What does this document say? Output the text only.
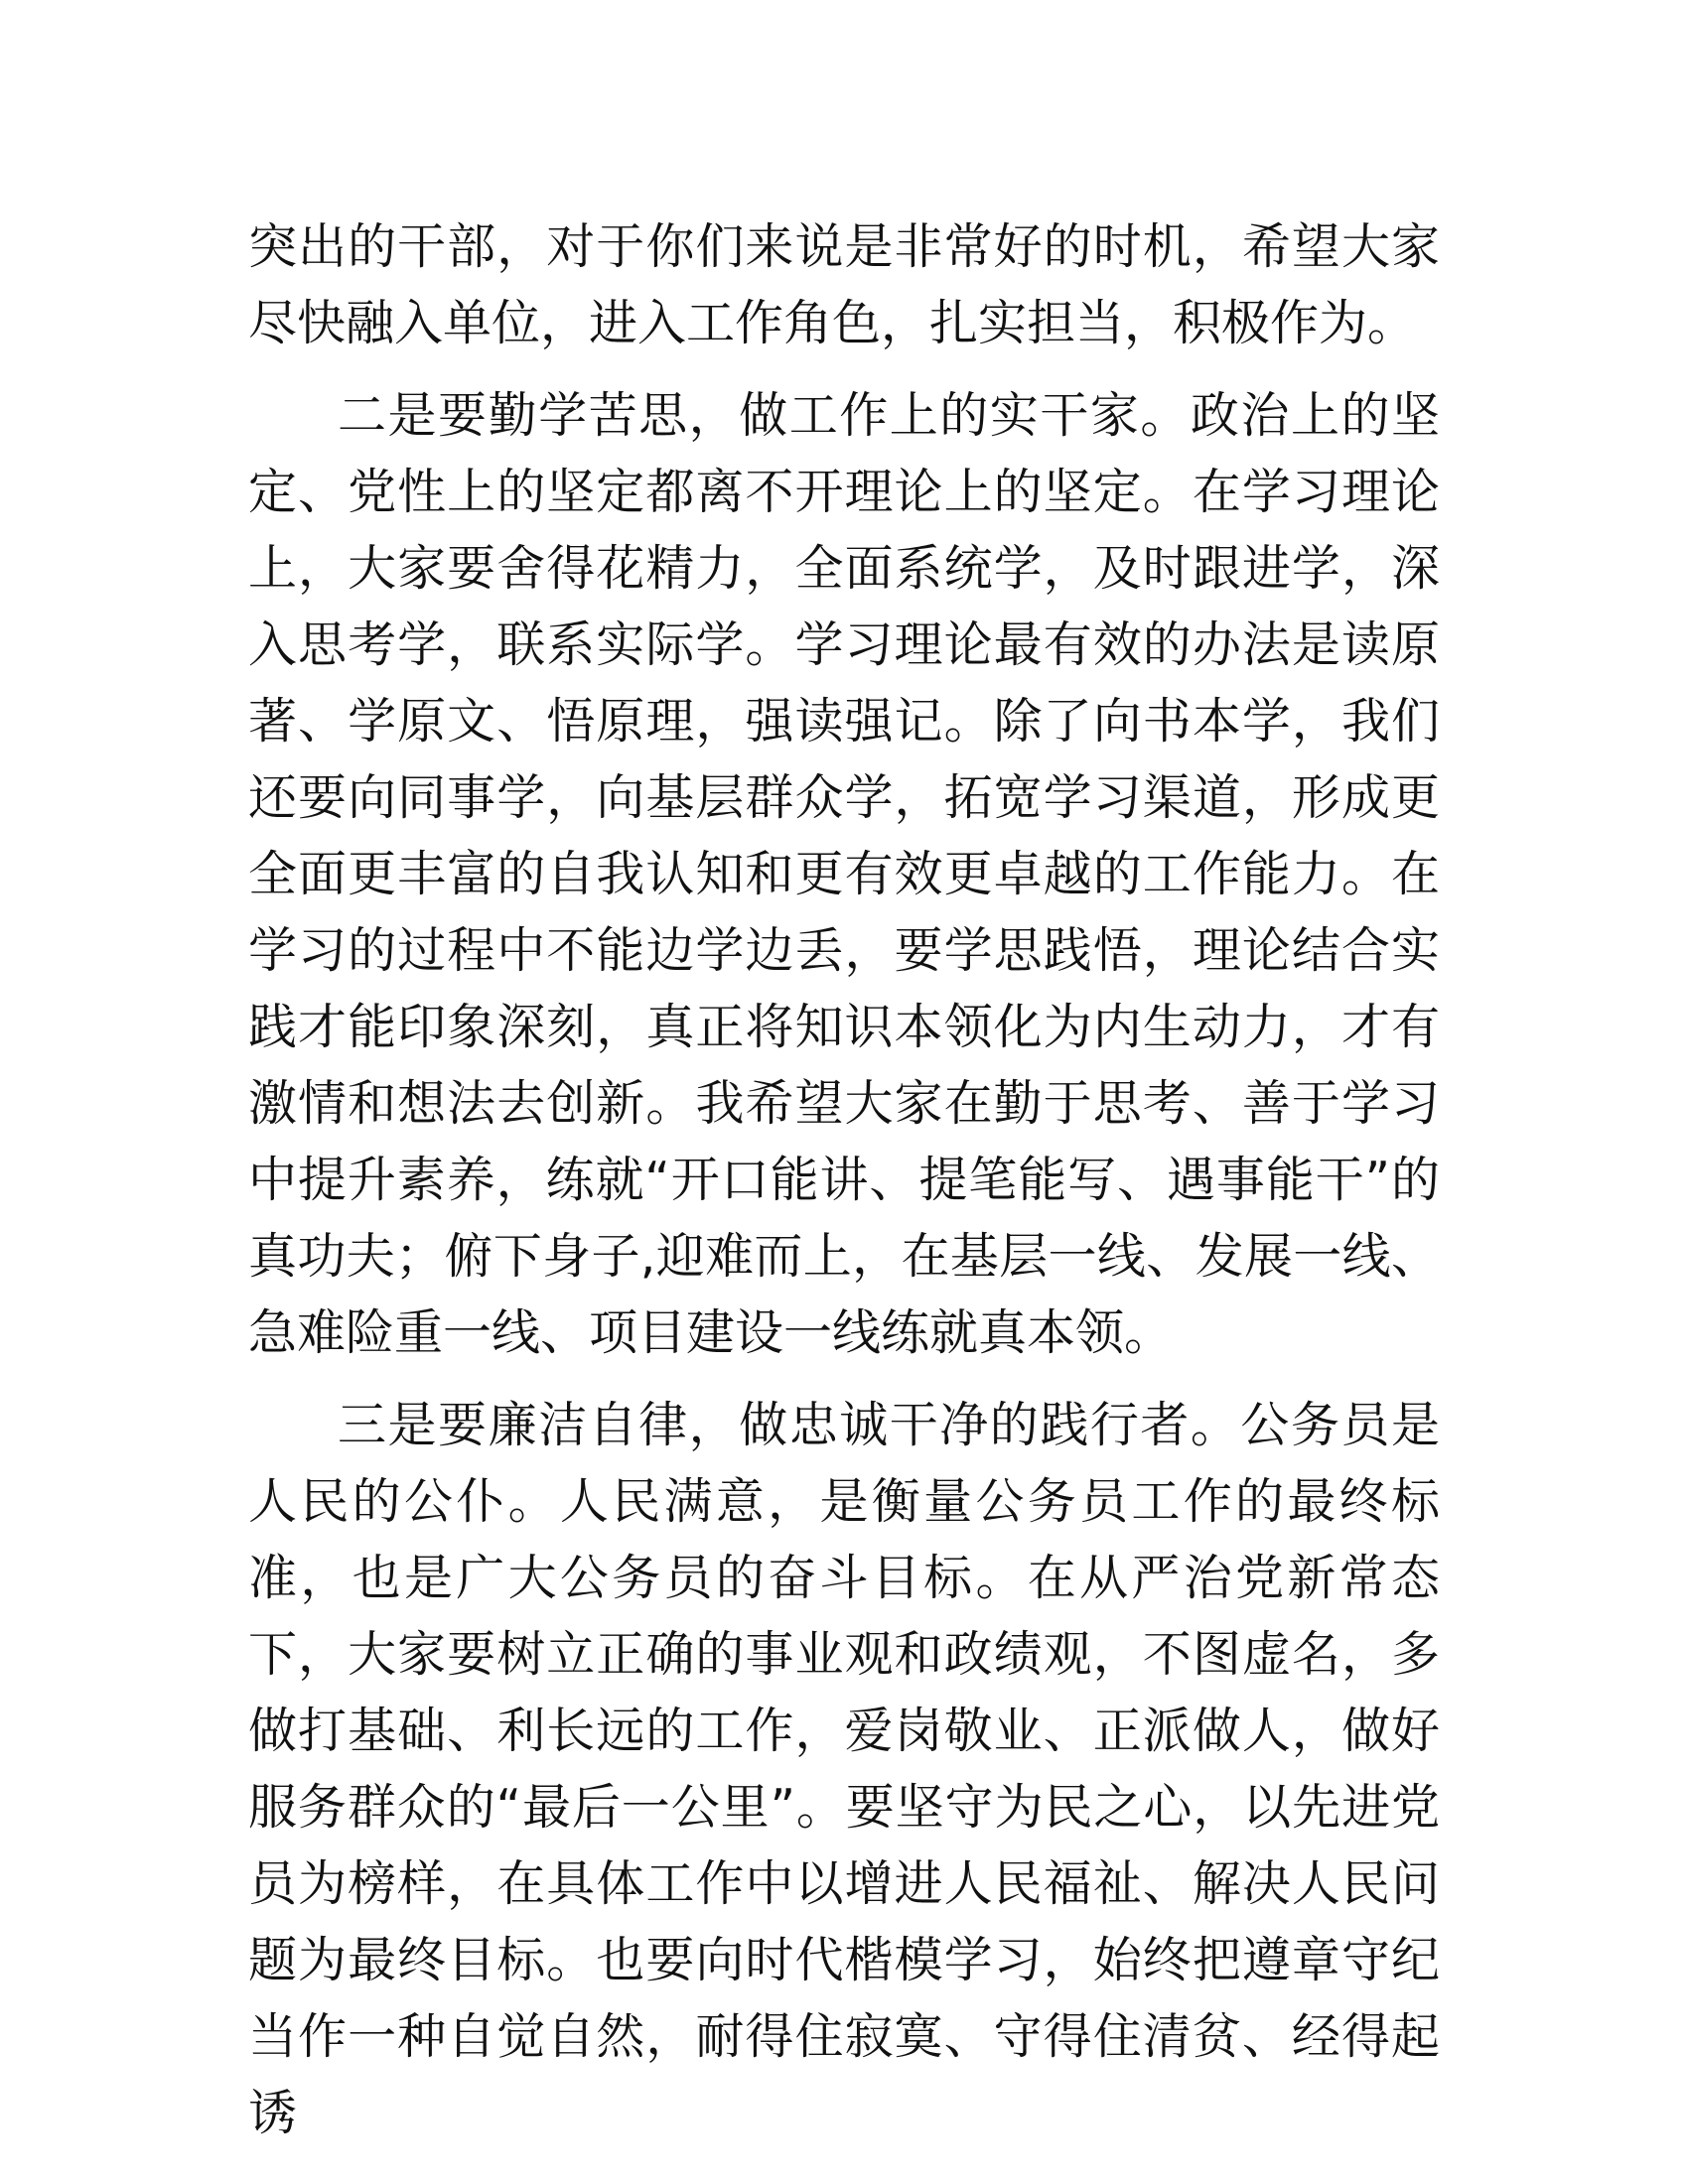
突出的干部，对于你们来说是非常好的时机，希望大家尽快融入单位，进入工作角色，扎实担当，积极作为。

二是要勤学苦思，做工作上的实干家。政治上的坚定、党性上的坚定都离不开理论上的坚定。在学习理论上，大家要舍得花精力，全面系统学，及时跟进学，深入思考学，联系实际学。学习理论最有效的办法是读原著、学原文、悟原理，强读强记。除了向书本学，我们还要向同事学，向基层群众学，拓宽学习渠道，形成更全面更丰富的自我认知和更有效更卓越的工作能力。在学习的过程中不能边学边丢，要学思践悟，理论结合实践才能印象深刻，真正将知识本领化为内生动力，才有激情和想法去创新。我希望大家在勤于思考、善于学习中提升素养，练就“开口能讲、提笔能写、遇事能干”的真功夫；俯下身子,迎难而上，在基层一线、发展一线、急难险重一线、项目建设一线练就真本领。

三是要廉洁自律，做忠诚干净的践行者。公务员是人民的公仆。人民满意，是衡量公务员工作的最终标准，也是广大公务员的奋斗目标。在从严治党新常态下，大家要树立正确的事业观和政绩观，不图虚名，多做打基础、利长远的工作，爱岗敬业、正派做人，做好服务群众的“最后一公里”。要坚守为民之心，以先进党员为榜样，在具体工作中以增进人民福祉、解决人民问题为最终目标。也要向时代楷模学习，始终把遵章守纪当作一种自觉自然，耐得住寂寞、守得住清贫、经得起诱
